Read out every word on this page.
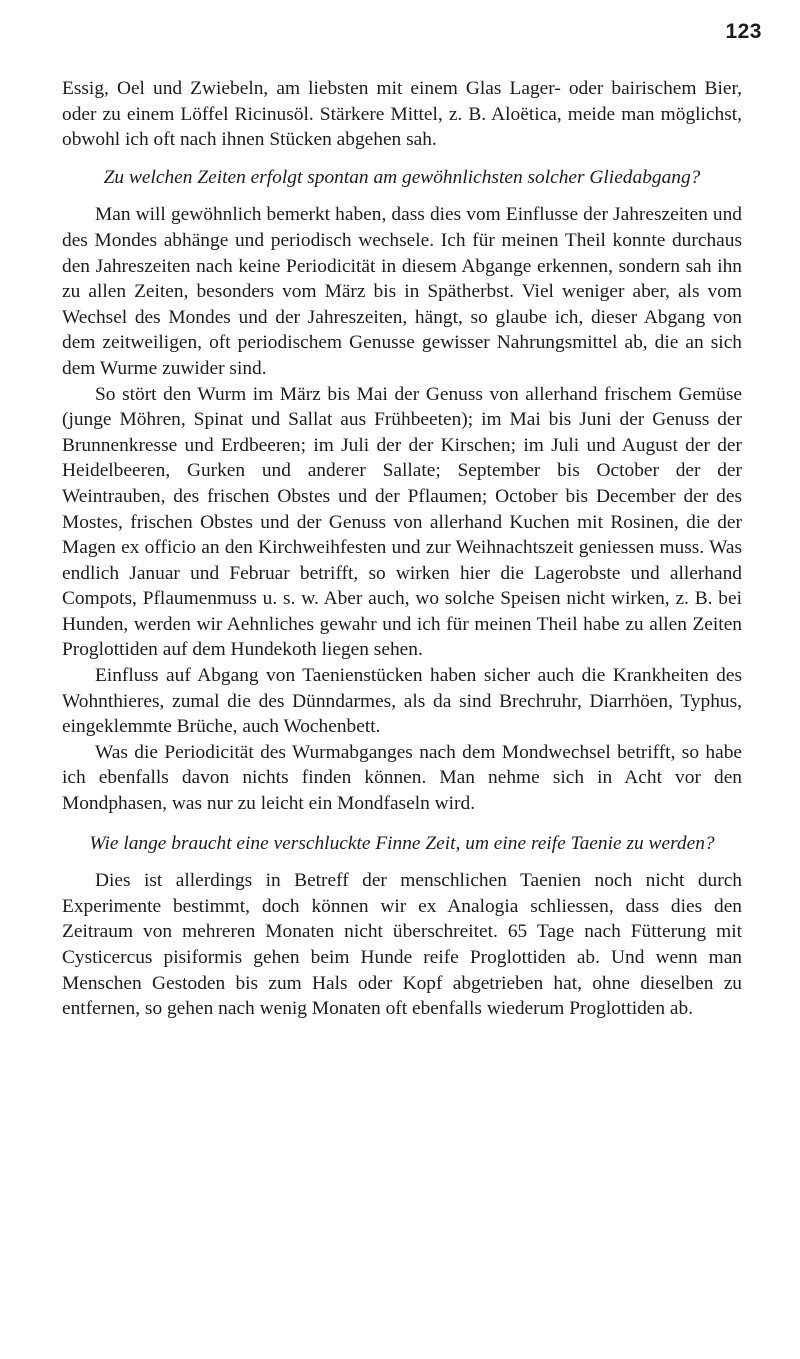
123

Essig, Oel und Zwiebeln, am liebsten mit einem Glas Lager- oder bairischem Bier, oder zu einem Löffel Ricinusöl. Stärkere Mittel, z. B. Aloëtica, meide man möglichst, obwohl ich oft nach ihnen Stücken abgehen sah.

Zu welchen Zeiten erfolgt spontan am gewöhnlichsten solcher Gliedabgang?

Man will gewöhnlich bemerkt haben, dass dies vom Einflusse der Jahreszeiten und des Mondes abhänge und periodisch wechsele. Ich für meinen Theil konnte durchaus den Jahreszeiten nach keine Periodicität in diesem Abgange erkennen, sondern sah ihn zu allen Zeiten, besonders vom März bis in Spätherbst. Viel weniger aber, als vom Wechsel des Mondes und der Jahreszeiten, hängt, so glaube ich, dieser Abgang von dem zeitweiligen, oft periodischem Genusse gewisser Nahrungsmittel ab, die an sich dem Wurme zuwider sind.

So stört den Wurm im März bis Mai der Genuss von allerhand frischem Gemüse (junge Möhren, Spinat und Sallat aus Frühbeeten); im Mai bis Juni der Genuss der Brunnenkresse und Erdbeeren; im Juli der der Kirschen; im Juli und August der der Heidelbeeren, Gurken und anderer Sallate; September bis October der der Weintrauben, des frischen Obstes und der Pflaumen; October bis December der des Mostes, frischen Obstes und der Genuss von allerhand Kuchen mit Rosinen, die der Magen ex officio an den Kirchweihfesten und zur Weihnachtszeit geniessen muss. Was endlich Januar und Februar betrifft, so wirken hier die Lagerobste und allerhand Compots, Pflaumenmuss u. s. w. Aber auch, wo solche Speisen nicht wirken, z. B. bei Hunden, werden wir Aehnliches gewahr und ich für meinen Theil habe zu allen Zeiten Proglottiden auf dem Hundekoth liegen sehen.

Einfluss auf Abgang von Taenienstücken haben sicher auch die Krankheiten des Wohnthieres, zumal die des Dünndarmes, als da sind Brechruhr, Diarrhöen, Typhus, eingeklemmte Brüche, auch Wochenbett.

Was die Periodicität des Wurmabganges nach dem Mondwechsel betrifft, so habe ich ebenfalls davon nichts finden können. Man nehme sich in Acht vor den Mondphasen, was nur zu leicht ein Mondfaseln wird.

Wie lange braucht eine verschluckte Finne Zeit, um eine reife Taenie zu werden?

Dies ist allerdings in Betreff der menschlichen Taenien noch nicht durch Experimente bestimmt, doch können wir ex Analogia schliessen, dass dies den Zeitraum von mehreren Monaten nicht überschreitet. 65 Tage nach Fütterung mit Cysticercus pisiformis gehen beim Hunde reife Proglottiden ab. Und wenn man Menschen Gestoden bis zum Hals oder Kopf abgetrieben hat, ohne dieselben zu entfernen, so gehen nach wenig Monaten oft ebenfalls wiederum Proglottiden ab.
